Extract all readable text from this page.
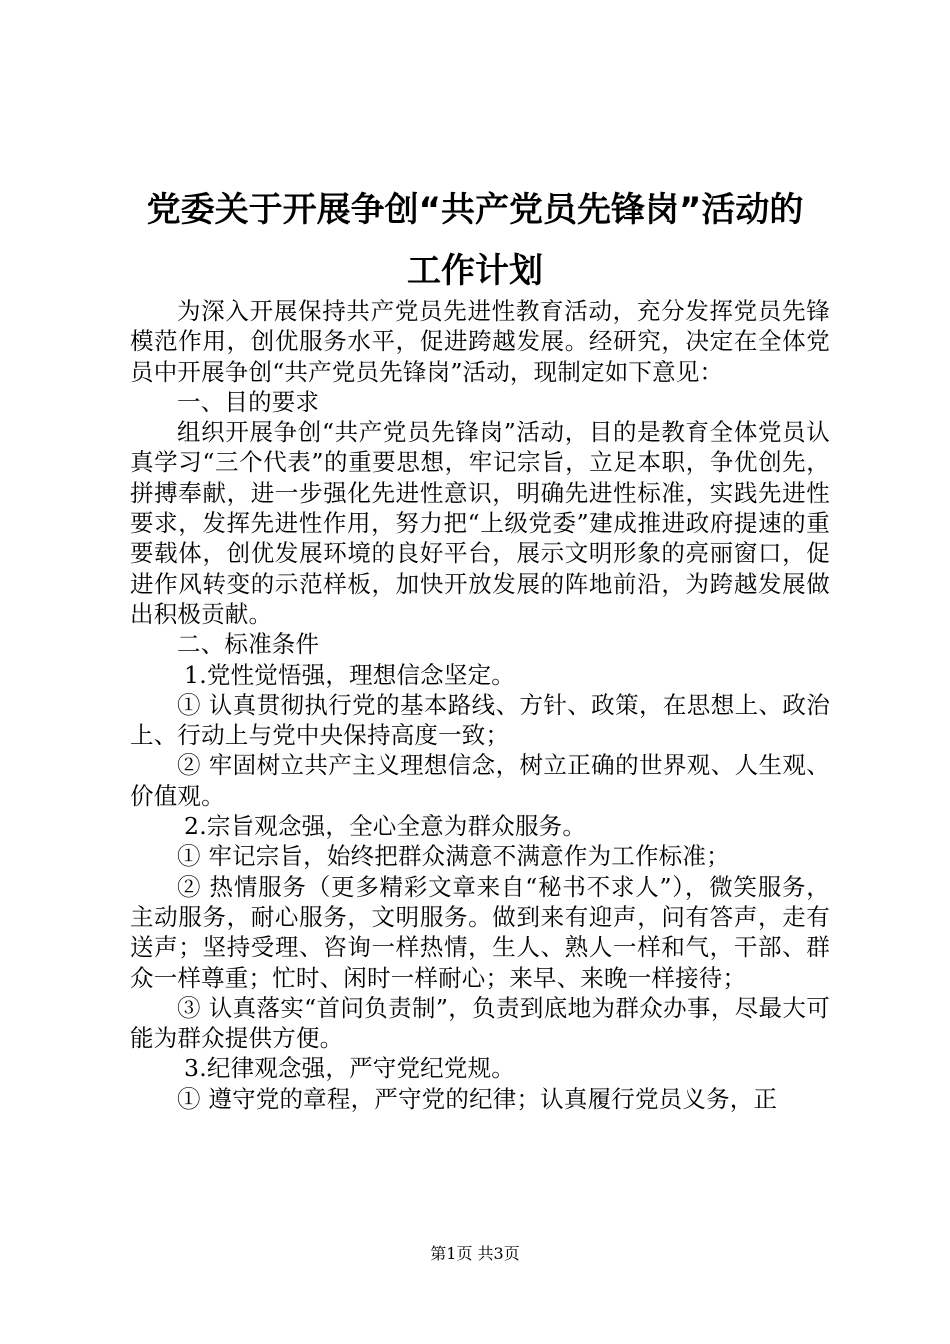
党委关于开展争创“共产党员先锋岗”活动的
工作计划

为深入开展保持共产党员先进性教育活动，充分发挥党员先锋模范作用，创优服务水平，促进跨越发展。经研究，决定在全体党员中开展争创“共产党员先锋岗”活动，现制定如下意见：

一、目的要求

组织开展争创“共产党员先锋岗”活动，目的是教育全体党员认真学习“三个代表”的重要思想，牢记宗旨，立足本职，争优创先，拼搏奉献，进一步强化先进性意识，明确先进性标准，实践先进性要求，发挥先进性作用，努力把“上级党委”建成推进政府提速的重要载体，创优发展环境的良好平台，展示文明形象的亮丽窗口，促进作风转变的示范样板，加快开放发展的阵地前沿，为跨越发展做出积极贡献。

二、标准条件

1.党性觉悟强，理想信念坚定。

① 认真贯彻执行党的基本路线、方针、政策，在思想上、政治上、行动上与党中央保持高度一致；

② 牢固树立共产主义理想信念，树立正确的世界观、人生观、价值观。

2.宗旨观念强，全心全意为群众服务。

① 牢记宗旨，始终把群众满意不满意作为工作标准；

② 热情服务（更多精彩文章来自“秘书不求人”），微笑服务，主动服务，耐心服务，文明服务。做到来有迎声，问有答声，走有送声；坚持受理、咨询一样热情，生人、熟人一样和气，干部、群众一样尊重；忙时、闲时一样耐心；来早、来晚一样接待；

③ 认真落实“首问负责制”，负责到底地为群众办事，尽最大可能为群众提供方便。

3.纪律观念强，严守党纪党规。

① 遵守党的章程，严守党的纪律；认真履行党员义务，正

第1页 共3页
